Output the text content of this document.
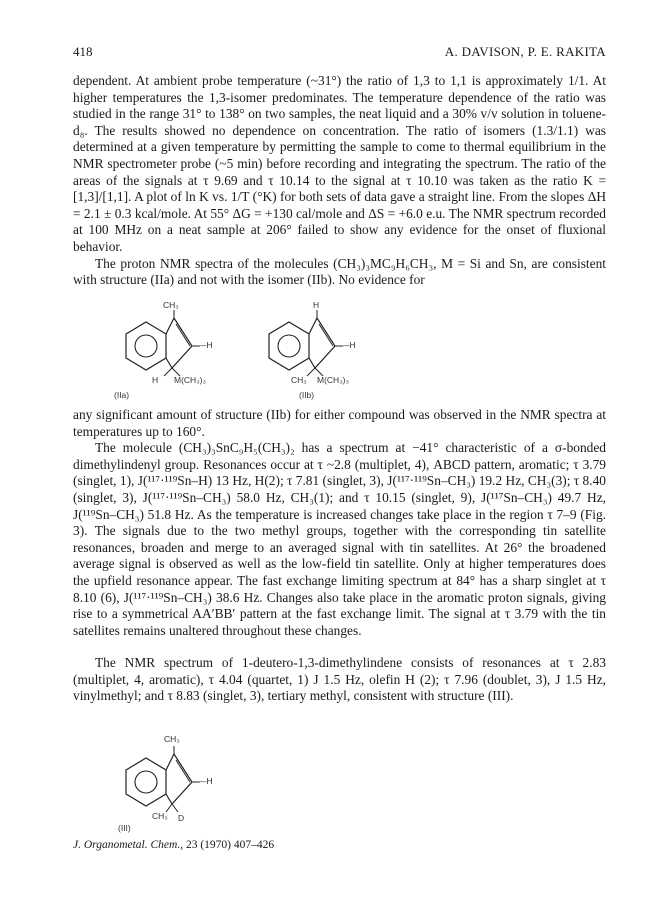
418	A. DAVISON, P. E. RAKITA

dependent. At ambient probe temperature (~31°) the ratio of 1,3 to 1,1 is approximately 1/1. At higher temperatures the 1,3-isomer predominates. The temperature dependence of the ratio was studied in the range 31° to 138° on two samples, the neat liquid and a 30% v/v solution in toluene-d₈. The results showed no dependence on concentration. The ratio of isomers (1.3/1.1) was determined at a given temperature by permitting the sample to come to thermal equilibrium in the NMR spectrometer probe (~5 min) before recording and integrating the spectrum. The ratio of the areas of the signals at τ 9.69 and τ 10.14 to the signal at τ 10.10 was taken as the ratio K = [1,3]/[1,1]. A plot of ln K vs. 1/T (°K) for both sets of data gave a straight line. From the slopes ΔH = 2.1 ± 0.3 kcal/mole. At 55° ΔG = +130 cal/mole and ΔS = +6.0 e.u. The NMR spectrum recorded at 100 MHz on a neat sample at 206° failed to show any evidence for the onset of fluxional behavior.

The proton NMR spectra of the molecules (CH₃)₃MC₉H₆CH₃, M = Si and Sn, are consistent with structure (IIa) and not with the isomer (IIb). No evidence for

CH₃
—H
H M(CH₃)₃
(IIa)
H
—H
CH₃ M(CH₃)₃
(IIb)

any significant amount of structure (IIb) for either compound was observed in the NMR spectra at temperatures up to 160°.

The molecule (CH₃)₃SnC₉H₅(CH₃)₂ has a spectrum at −41° characteristic of a σ-bonded dimethylindenyl group. Resonances occur at τ ~2.8 (multiplet, 4), ABCD pattern, aromatic; τ 3.79 (singlet, 1), J(¹¹⁷·¹¹⁹Sn–H) 13 Hz, H(2); τ 7.81 (singlet, 3), J(¹¹⁷·¹¹⁹Sn–CH₃) 19.2 Hz, CH₃(3); τ 8.40 (singlet, 3), J(¹¹⁷·¹¹⁹Sn–CH₃) 58.0 Hz, CH₃(1); and τ 10.15 (singlet, 9), J(¹¹⁷Sn–CH₃) 49.7 Hz, J(¹¹⁹Sn–CH₃) 51.8 Hz. As the temperature is increased changes take place in the region τ 7–9 (Fig. 3). The signals due to the two methyl groups, together with the corresponding tin satellite resonances, broaden and merge to an averaged signal with tin satellites. At 26° the broadened average signal is observed as well as the low-field tin satellite. Only at higher temperatures does the upfield resonance appear. The fast exchange limiting spectrum at 84° has a sharp singlet at τ 8.10 (6), J(¹¹⁷·¹¹⁹Sn–CH₃) 38.6 Hz. Changes also take place in the aromatic proton signals, giving rise to a symmetrical AA′BB′ pattern at the fast exchange limit. The signal at τ 3.79 with the tin satellites remains unaltered throughout these changes.

The NMR spectrum of 1-deutero-1,3-dimethylindene consists of resonances at τ 2.83 (multiplet, 4, aromatic), τ 4.04 (quartet, 1) J 1.5 Hz, olefin H (2); τ 7.96 (doublet, 3), J 1.5 Hz, vinylmethyl; and τ 8.83 (singlet, 3), tertiary methyl, consistent with structure (III).

CH₃
—H
CH₃ D
(III)
J. Organometal. Chem., 23 (1970) 407–426
